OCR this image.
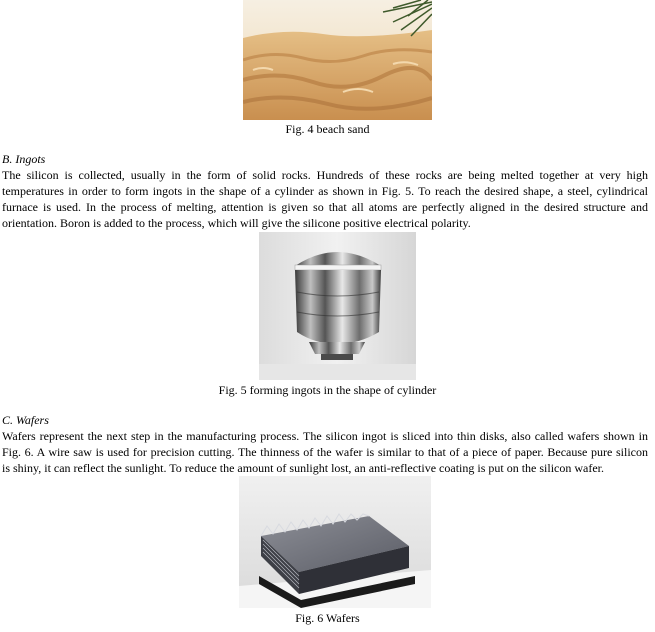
Fig. 4 beach sand
B. Ingots
The silicon is collected, usually in the form of solid rocks. Hundreds of these rocks are being melted together at very high
temperatures in order to form ingots in the shape of a cylinder as shown in Fig. 5. To reach the desired shape, a steel, cylindrical
furnace is used. In the process of melting, attention is given so that all atoms are perfectly aligned in the desired structure and
orientation. Boron is added to the process, which will give the silicone positive electrical polarity.
Fig. 5 forming ingots in the shape of cylinder
C. Wafers
Wafers represent the next step in the manufacturing process. The silicon ingot is sliced into thin disks, also called wafers shown in
Fig. 6. A wire saw is used for precision cutting. The thinness of the wafer is similar to that of a piece of paper. Because pure silicon
is shiny, it can reflect the sunlight. To reduce the amount of sunlight lost, an anti-reflective coating is put on the silicon wafer.
Fig. 6 Wafers
